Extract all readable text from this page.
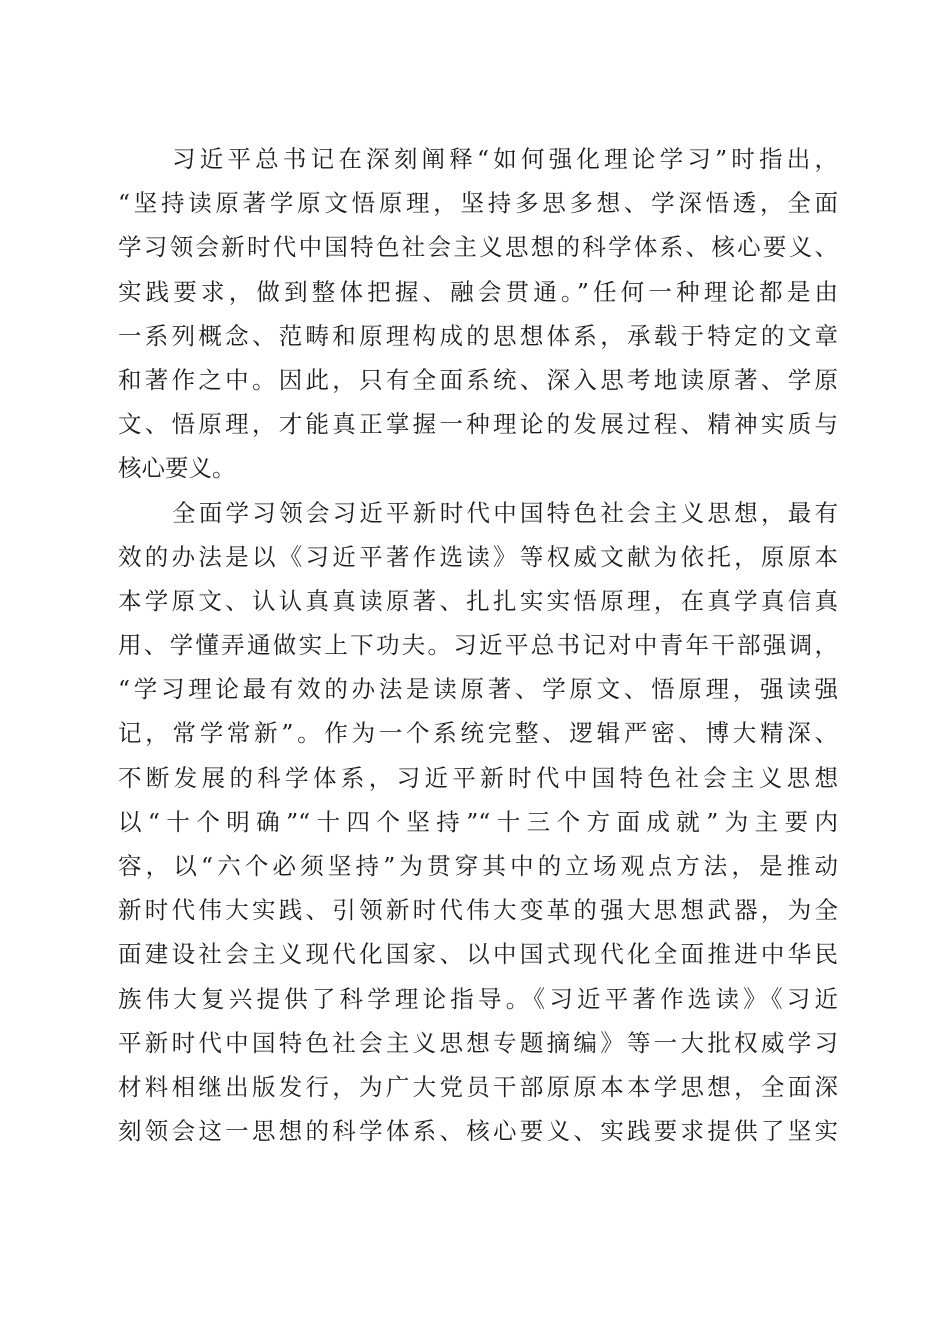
习近平总书记在深刻阐释“如何强化理论学习”时指出，
“坚持读原著学原文悟原理，坚持多思多想、学深悟透，全面
学习领会新时代中国特色社会主义思想的科学体系、核心要义、
实践要求，做到整体把握、融会贯通。”任何一种理论都是由
一系列概念、范畴和原理构成的思想体系，承载于特定的文章
和著作之中。因此，只有全面系统、深入思考地读原著、学原
文、悟原理，才能真正掌握一种理论的发展过程、精神实质与
核心要义。
全面学习领会习近平新时代中国特色社会主义思想，最有
效的办法是以《习近平著作选读》等权威文献为依托，原原本
本学原文、认认真真读原著、扎扎实实悟原理，在真学真信真
用、学懂弄通做实上下功夫。习近平总书记对中青年干部强调，
“学习理论最有效的办法是读原著、学原文、悟原理，强读强
记，常学常新”。作为一个系统完整、逻辑严密、博大精深、
不断发展的科学体系，习近平新时代中国特色社会主义思想
以“十个明确”“十四个坚持”“十三个方面成就”为主要内
容，以“六个必须坚持”为贯穿其中的立场观点方法，是推动
新时代伟大实践、引领新时代伟大变革的强大思想武器，为全
面建设社会主义现代化国家、以中国式现代化全面推进中华民
族伟大复兴提供了科学理论指导。《习近平著作选读》《习近
平新时代中国特色社会主义思想专题摘编》等一大批权威学习
材料相继出版发行，为广大党员干部原原本本学思想，全面深
刻领会这一思想的科学体系、核心要义、实践要求提供了坚实
